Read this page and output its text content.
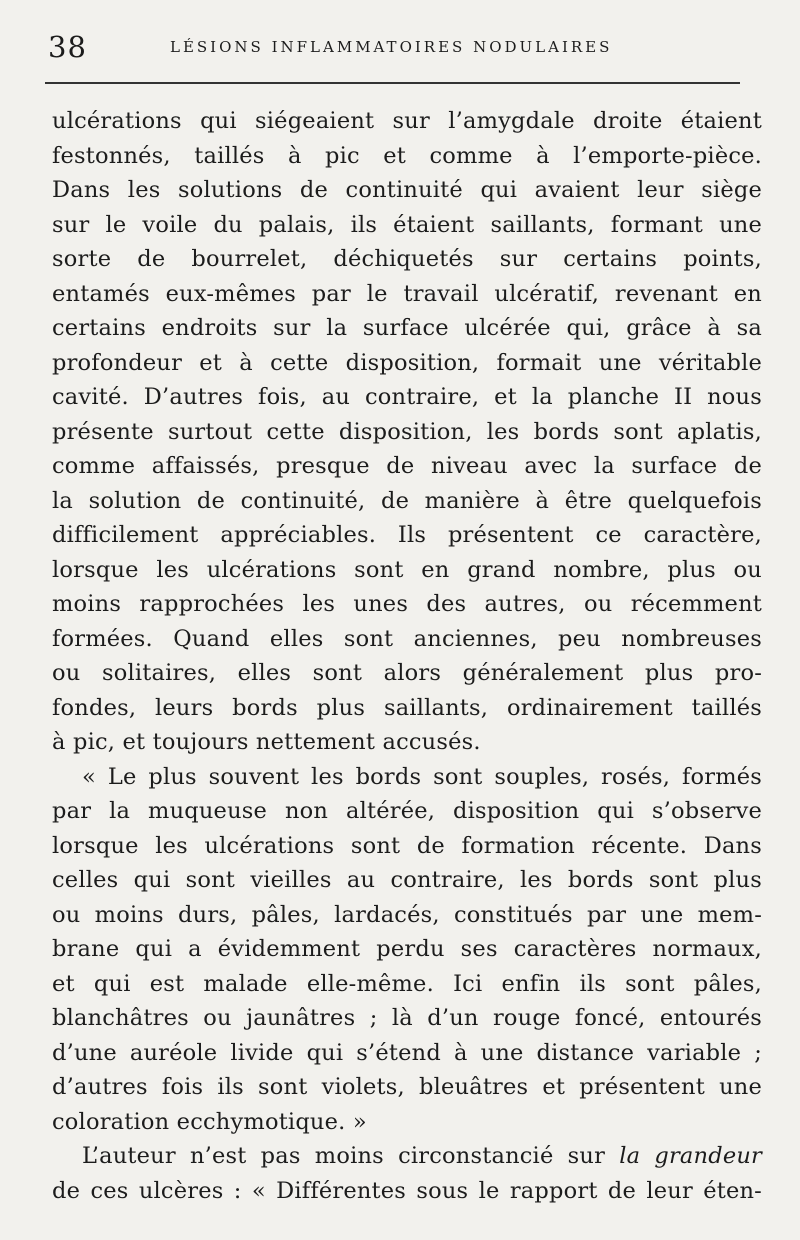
38	LÉSIONS INFLAMMATOIRES NODULAIRES
ulcérations qui siégeaient sur l’amygdale droite étaient
festonnés, taillés à pic et comme à l’emporte-pièce.
Dans les solutions de continuité qui avaient leur siège
sur le voile du palais, ils étaient saillants, formant une
sorte de bourrelet, déchiquetés sur certains points,
entamés eux-mêmes par le travail ulcératif, revenant en
certains endroits sur la surface ulcérée qui, grâce à sa
profondeur et à cette disposition, formait une véritable
cavité. D’autres fois, au contraire, et la planche II nous
présente surtout cette disposition, les bords sont aplatis,
comme affaissés, presque de niveau avec la surface de
la solution de continuité, de manière à être quelquefois
difficilement appréciables. Ils présentent ce caractère,
lorsque les ulcérations sont en grand nombre, plus ou
moins rapprochées les unes des autres, ou récemment
formées. Quand elles sont anciennes, peu nombreuses
ou solitaires, elles sont alors généralement plus pro-
fondes, leurs bords plus saillants, ordinairement taillés
à pic, et toujours nettement accusés.
« Le plus souvent les bords sont souples, rosés, formés
par la muqueuse non altérée, disposition qui s’observe
lorsque les ulcérations sont de formation récente. Dans
celles qui sont vieilles au contraire, les bords sont plus
ou moins durs, pâles, lardacés, constitués par une mem-
brane qui a évidemment perdu ses caractères normaux,
et qui est malade elle-même. Ici enfin ils sont pâles,
blanchâtres ou jaunâtres ; là d’un rouge foncé, entourés
d’une auréole livide qui s’étend à une distance variable ;
d’autres fois ils sont violets, bleuâtres et présentent une
coloration ecchymotique. »
L’auteur n’est pas moins circonstancié sur la grandeur
de ces ulcères : « Différentes sous le rapport de leur éten-
